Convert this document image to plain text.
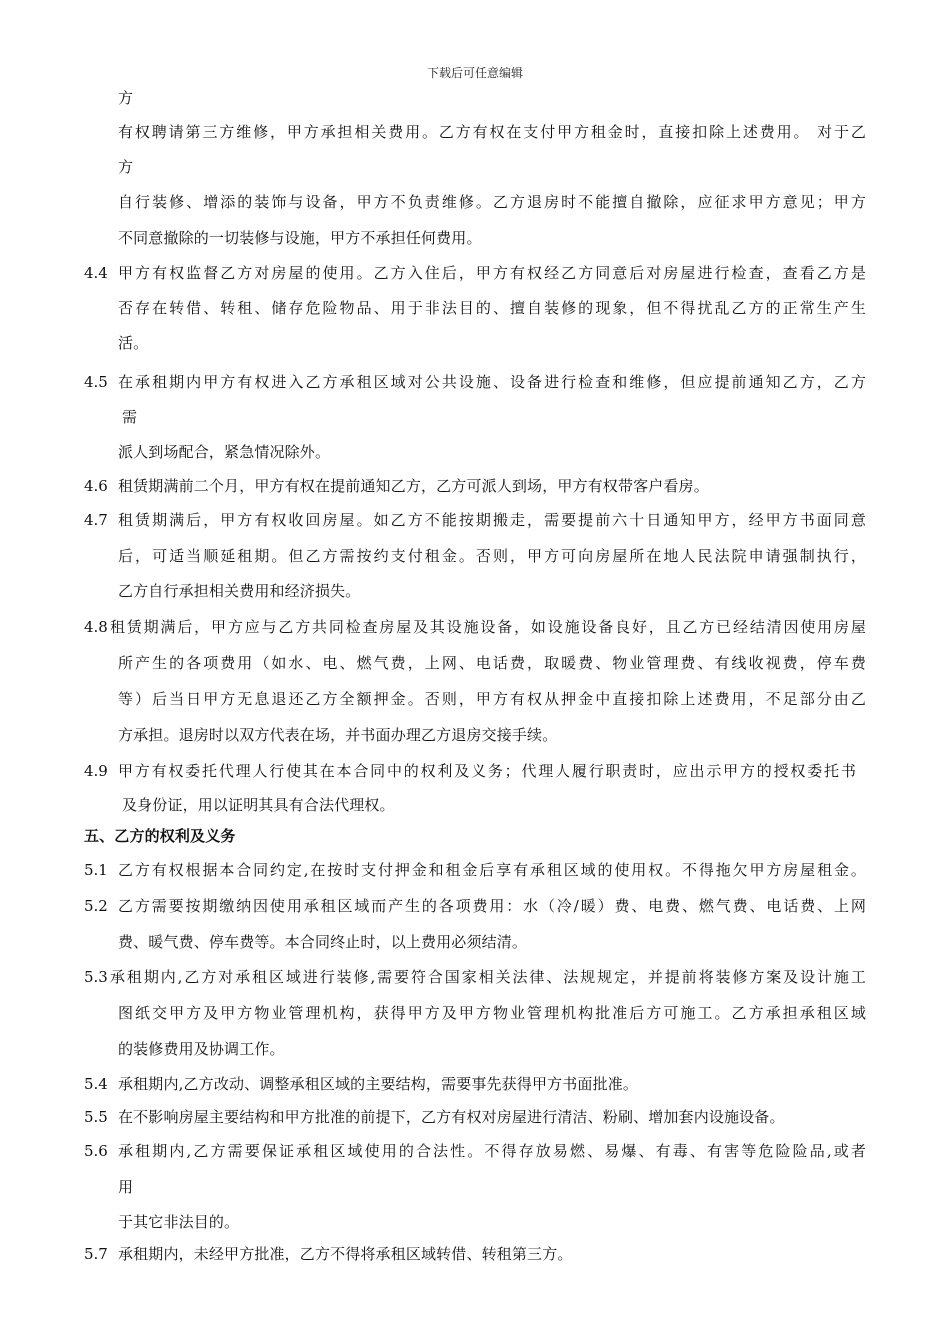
下载后可任意编辑
方
有权聘请第三方维修，甲方承担相关费用。乙方有权在支付甲方租金时，直接扣除上述费用。 对于乙
方
自行装修、增添的装饰与设备，甲方不负责维修。乙方退房时不能擅自撤除，应征求甲方意见；甲方
不同意撤除的一切装修与设施，甲方不承担任何费用。
4.4 甲方有权监督乙方对房屋的使用。乙方入住后，甲方有权经乙方同意后对房屋进行检查，查看乙方是
否存在转借、转租、储存危险物品、用于非法目的、擅自装修的现象，但不得扰乱乙方的正常生产生
活。
4.5 在承租期内甲方有权进入乙方承租区域对公共设施、设备进行检查和维修，但应提前通知乙方，乙方
需
派人到场配合，紧急情况除外。
4.6 租赁期满前二个月，甲方有权在提前通知乙方，乙方可派人到场，甲方有权带客户看房。
4.7 租赁期满后，甲方有权收回房屋。如乙方不能按期搬走，需要提前六十日通知甲方，经甲方书面同意
后，可适当顺延租期。但乙方需按约支付租金。否则，甲方可向房屋所在地人民法院申请强制执行，
乙方自行承担相关费用和经济损失。
4.8 租赁期满后，甲方应与乙方共同检查房屋及其设施设备，如设施设备良好，且乙方已经结清因使用房屋
所产生的各项费用（如水、电、燃气费，上网、电话费，取暖费、物业管理费、有线收视费，停车费
等）后当日甲方无息退还乙方全额押金。否则，甲方有权从押金中直接扣除上述费用，不足部分由乙
方承担。退房时以双方代表在场，并书面办理乙方退房交接手续。
4.9 甲方有权委托代理人行使其在本合同中的权利及义务；代理人履行职责时，应出示甲方的授权委托书
及身份证，用以证明其具有合法代理权。
五、乙方的权利及义务
5.1 乙方有权根据本合同约定,在按时支付押金和租金后享有承租区域的使用权。不得拖欠甲方房屋租金。
5.2 乙方需要按期缴纳因使用承租区域而产生的各项费用：水（冷/暖）费、电费、燃气费、电话费、上网
费、暖气费、停车费等。本合同终止时，以上费用必须结清。
5.3 承租期内,乙方对承租区域进行装修,需要符合国家相关法律、法规规定，并提前将装修方案及设计施工
图纸交甲方及甲方物业管理机构，获得甲方及甲方物业管理机构批准后方可施工。乙方承担承租区域
的装修费用及协调工作。
5.4 承租期内,乙方改动、调整承租区域的主要结构，需要事先获得甲方书面批准。
5.5 在不影响房屋主要结构和甲方批准的前提下，乙方有权对房屋进行清洁、粉刷、增加套内设施设备。
5.6 承租期内,乙方需要保证承租区域使用的合法性。不得存放易燃、易爆、有毒、有害等危险险品,或者
用
于其它非法目的。
5.7 承租期内，未经甲方批准，乙方不得将承租区域转借、转租第三方。
